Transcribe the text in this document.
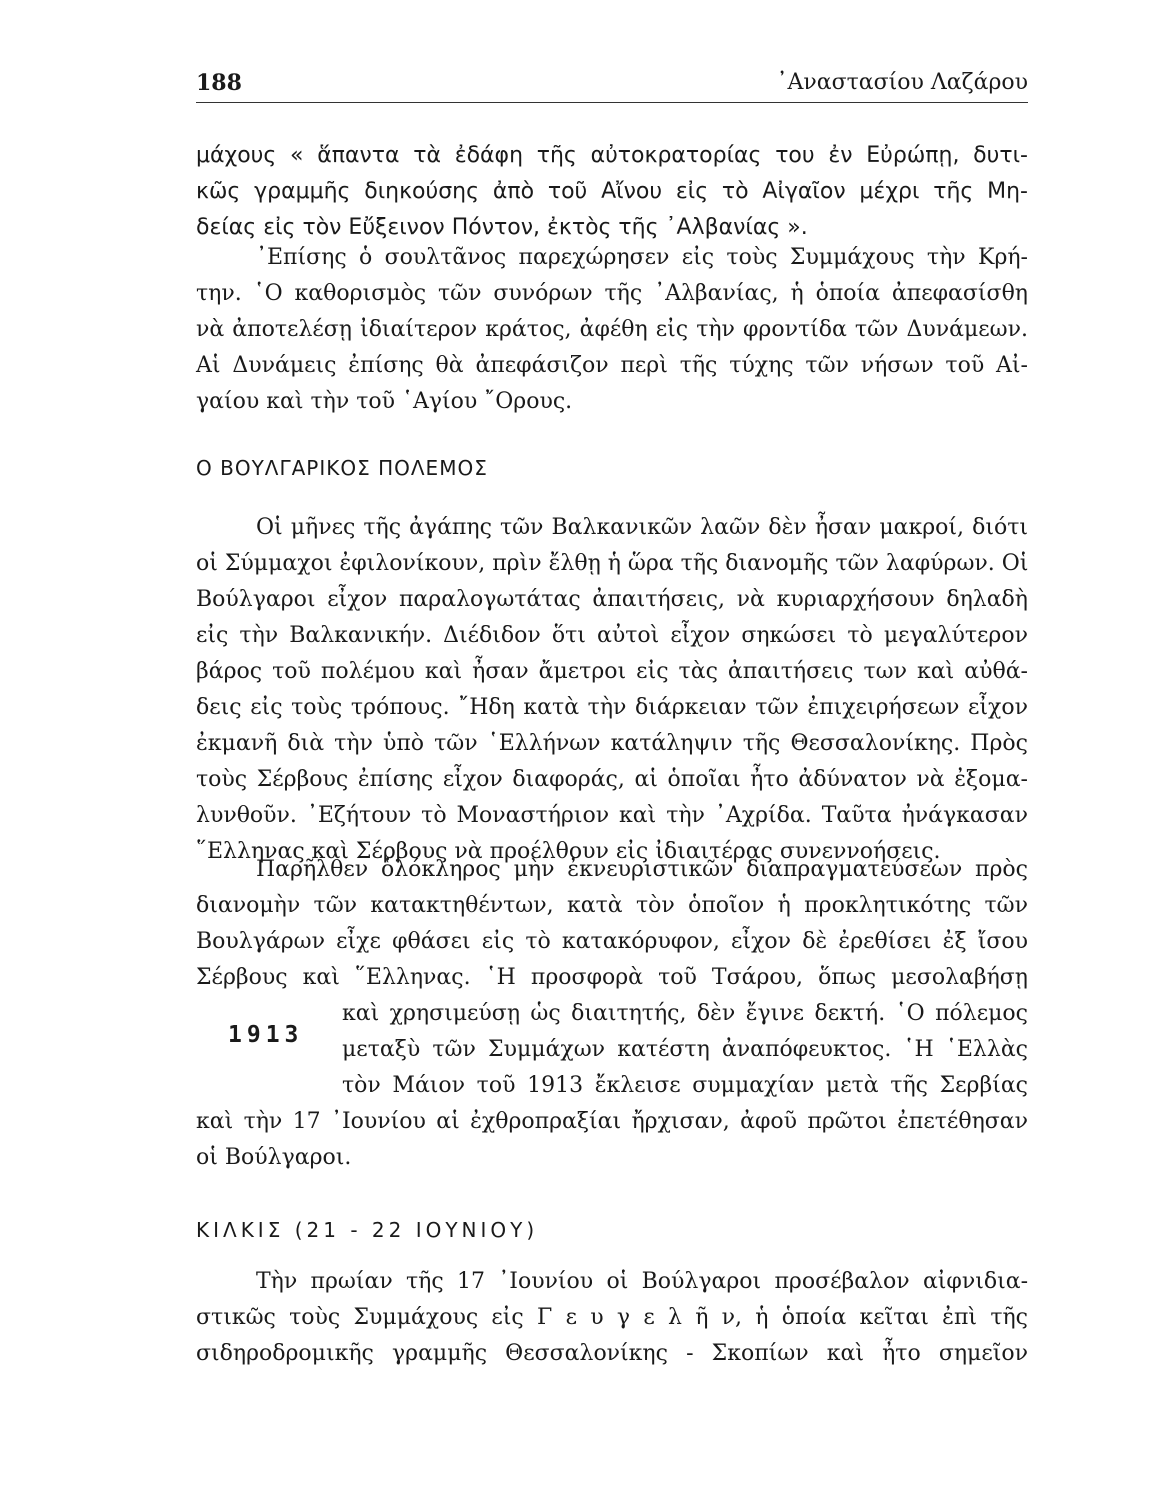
188	᾿Αναστασίου Λαζάρου
μάχους « ἅπαντα τὰ ἐδάφη τῆς αὐτοκρατορίας του ἐν Εὐρώπῃ, δυτι-
κῶς γραμμῆς διηκούσης ἀπὸ τοῦ Αἴνου εἰς τὸ Αἰγαῖον μέχρι τῆς Μη-
δείας εἰς τὸν Εὔξεινον Πόντον, ἐκτὸς τῆς ᾿Αλβανίας ».
᾿Επίσης ὁ σουλτᾶνος παρεχώρησεν εἰς τοὺς Συμμάχους τὴν Κρή-
την. ῾Ο καθορισμὸς τῶν συνόρων τῆς ᾿Αλβανίας, ἡ ὁποία ἀπεφασίσθη
νὰ ἀποτελέσῃ ἰδιαίτερον κράτος, ἀφέθη εἰς τὴν φροντίδα τῶν Δυνάμεων.
Αἱ Δυνάμεις ἐπίσης θὰ ἀπεφάσιζον περὶ τῆς τύχης τῶν νήσων τοῦ Αἰ-
γαίου καὶ τὴν τοῦ ῾Αγίου ῎Ορους.
Ο ΒΟΥΛΓΑΡΙΚΟΣ ΠΟΛΕΜΟΣ
Οἱ μῆνες τῆς ἀγάπης τῶν Βαλκανικῶν λαῶν δὲν ἦσαν μακροί, διότι
οἱ Σύμμαχοι ἐφιλονίκουν, πρὶν ἔλθῃ ἡ ὥρα τῆς διανομῆς τῶν λαφύρων. Οἱ
Βούλγαροι εἶχον παραλογωτάτας ἀπαιτήσεις, νὰ κυριαρχήσουν δηλαδὴ
εἰς τὴν Βαλκανικήν. Διέδιδον ὅτι αὐτοὶ εἶχον σηκώσει τὸ μεγαλύτερον
βάρος τοῦ πολέμου καὶ ἦσαν ἄμετροι εἰς τὰς ἀπαιτήσεις των καὶ αὐθά-
δεις εἰς τοὺς τρόπους. ῎Ηδη κατὰ τὴν διάρκειαν τῶν ἐπιχειρήσεων εἶχον
ἐκμανῆ διὰ τὴν ὑπὸ τῶν ῾Ελλήνων κατάληψιν τῆς Θεσσαλονίκης. Πρὸς
τοὺς Σέρβους ἐπίσης εἶχον διαφοράς, αἱ ὁποῖαι ἦτο ἀδύνατον νὰ ἐξομα-
λυνθοῦν. ᾿Εζήτουν τὸ Μοναστήριον καὶ τὴν ᾿Αχρίδα. Ταῦτα ἠνάγκασαν
῞Ελληνας καὶ Σέρβους νὰ προέλθουν εἰς ἰδιαιτέρας συνεννοήσεις.
Παρῆλθεν ὁλόκληρος μὴν ἐκνευριστικῶν διαπραγματεύσεων πρὸς
διανομὴν τῶν κατακτηθέντων, κατὰ τὸν ὁποῖον ἡ προκλητικότης τῶν
Βουλγάρων εἶχε φθάσει εἰς τὸ κατακόρυφον, εἶχον δὲ ἐρεθίσει ἐξ ἴσου
Σέρβους καὶ ῞Ελληνας. ῾Η προσφορὰ τοῦ Τσάρου, ὅπως μεσολαβήσῃ
καὶ χρησιμεύσῃ ὡς διαιτητής, δὲν ἔγινε δεκτή. ῾Ο πόλεμος
μεταξὺ τῶν Συμμάχων κατέστη ἀναπόφευκτος. ῾Η ῾Ελλὰς
τὸν Μάιον τοῦ 1913 ἔκλεισε συμμαχίαν μετὰ τῆς Σερβίας
καὶ τὴν 17 ᾿Ιουνίου αἱ ἐχθροπραξίαι ἤρχισαν, ἀφοῦ πρῶτοι ἐπετέθησαν
οἱ Βούλγαροι.
1913
ΚΙΛΚΙΣ (21 - 22 ΙΟΥΝΙΟΥ)
Τὴν πρωίαν τῆς 17 ᾿Ιουνίου οἱ Βούλγαροι προσέβαλον αἰφνιδια-
στικῶς τοὺς Συμμάχους εἰς Γ ε υ γ ε λ ῆ ν, ἡ ὁποία κεῖται ἐπὶ τῆς
σιδηροδρομικῆς γραμμῆς Θεσσαλονίκης - Σκοπίων καὶ ἦτο σημεῖον
